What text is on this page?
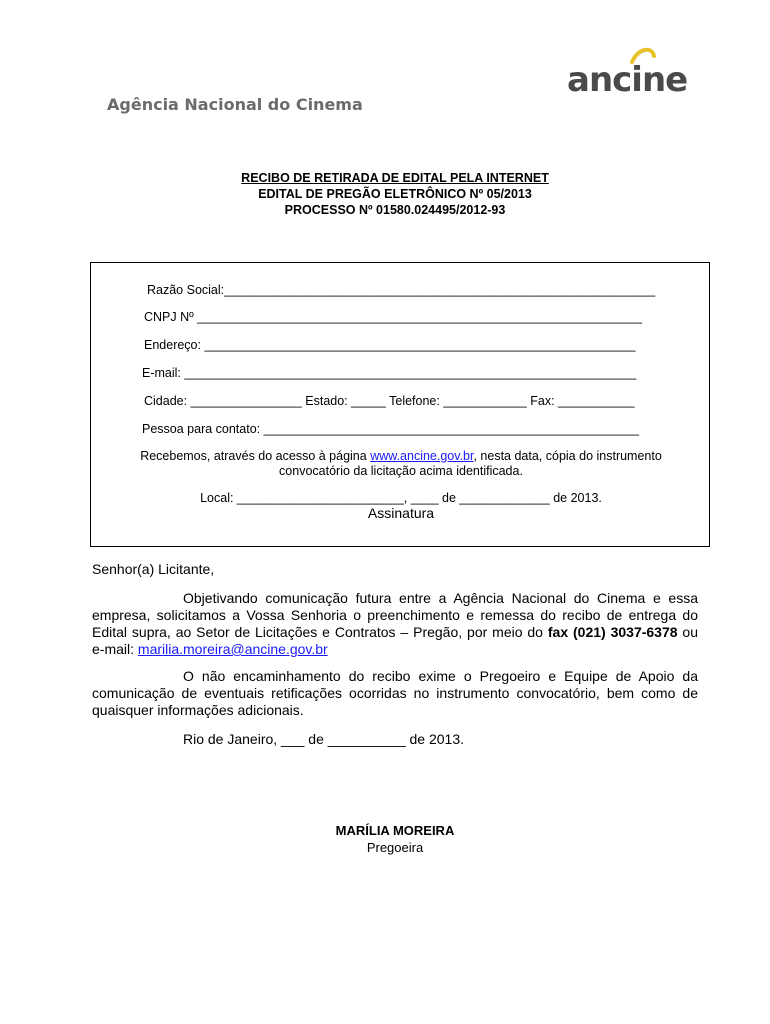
ancine
Agência Nacional do Cinema
RECIBO DE RETIRADA DE EDITAL PELA INTERNET
EDITAL DE PREGÃO ELETRÔNICO Nº 05/2013
PROCESSO Nº 01580.024495/2012-93
Razão Social:______________________________________________________________
CNPJ Nº ________________________________________________________________
Endereço: ______________________________________________________________
E-mail: _________________________________________________________________
Cidade: ________________ Estado: _____ Telefone: ____________ Fax: ___________
Pessoa para contato: ______________________________________________________
Recebemos, através do acesso à página www.ancine.gov.br, nesta data, cópia do instrumento
convocatório da licitação acima identificada.
Local: ________________________, ____ de _____________ de 2013.
Assinatura
Senhor(a) Licitante,
Objetivando comunicação futura entre a Agência Nacional do Cinema e essa empresa, solicitamos a Vossa Senhoria o preenchimento e remessa do recibo de entrega do Edital supra, ao Setor de Licitações e Contratos – Pregão, por meio do fax (021) 3037-6378 ou e-mail: marilia.moreira@ancine.gov.br
O não encaminhamento do recibo exime o Pregoeiro e Equipe de Apoio da comunicação de eventuais retificações ocorridas no instrumento convocatório, bem como de quaisquer informações adicionais.
Rio de Janeiro, ___ de __________ de 2013.
MARÍLIA MOREIRA
Pregoeira
